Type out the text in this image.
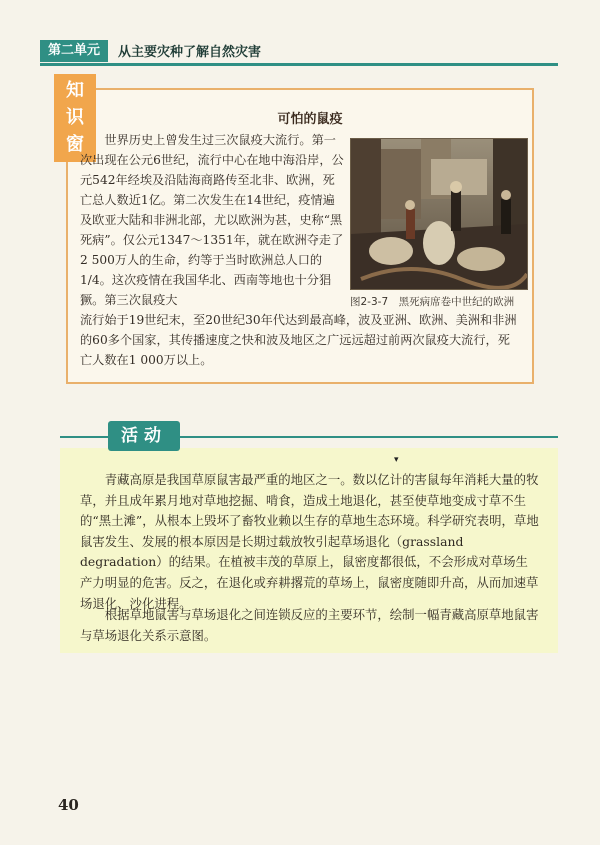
第二单元	从主要灾种了解自然灾害
知
识
窗
可怕的鼠疫
世界历史上曾发生过三次鼠疫大流行。第一次出现在公元6世纪，流行中心在地中海沿岸，公元542年经埃及沿陆海商路传至北非、欧洲，死亡总人数近1亿。第二次发生在14世纪，疫情遍及欧亚大陆和非洲北部，尤以欧洲为甚，史称“黑死病”。仅公元1347～1351年，就在欧洲夺走了2 500万人的生命，约等于当时欧洲总人口的1/4。这次疫情在我国华北、西南等地也十分猖獗。第三次鼠疫大	图2-3-7　黑死病席卷中世纪的欧洲
流行始于19世纪末，至20世纪30年代达到最高峰，波及亚洲、欧洲、美洲和非洲的60多个国家，其传播速度之快和波及地区之广远远超过前两次鼠疫大流行，死亡人数在1 000万以上。
活动
▾
青藏高原是我国草原鼠害最严重的地区之一。数以亿计的害鼠每年消耗大量的牧草，并且成年累月地对草地挖掘、啃食，造成土地退化，甚至使草地变成寸草不生的“黑土滩”，从根本上毁坏了畜牧业赖以生存的草地生态环境。科学研究表明，草地鼠害发生、发展的根本原因是长期过载放牧引起草场退化（grassland degradation）的结果。在植被丰茂的草原上，鼠密度都很低，不会形成对草场生产力明显的危害。反之，在退化或弃耕撂荒的草场上，鼠密度随即升高，从而加速草场退化、沙化进程。
根据草地鼠害与草场退化之间连锁反应的主要环节，绘制一幅青藏高原草地鼠害与草场退化关系示意图。
40
